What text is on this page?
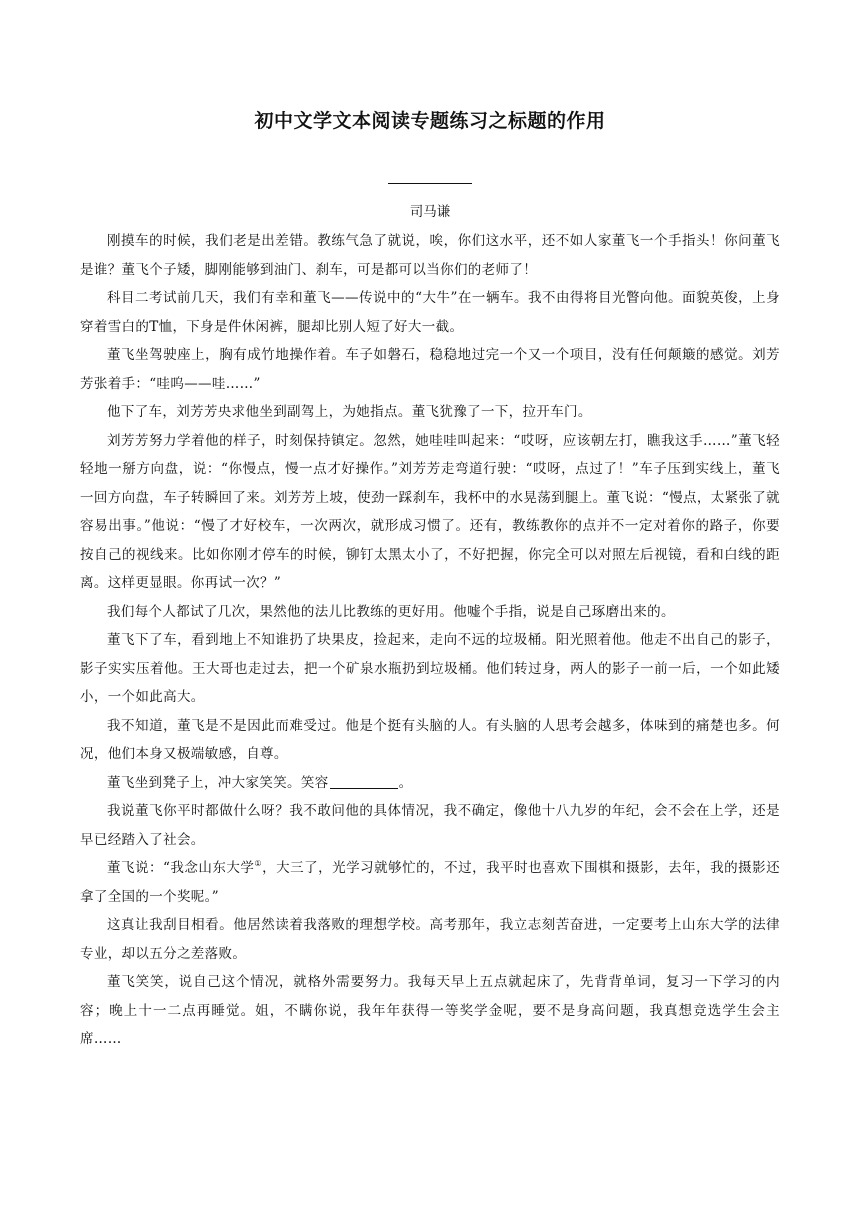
初中文学文本阅读专题练习之标题的作用
司马谦

刚摸车的时候，我们老是出差错。教练气急了就说，唉，你们这水平，还不如人家董飞一个手指头！你问董飞是谁？董飞个子矮，脚刚能够到油门、刹车，可是都可以当你们的老师了！

科目二考试前几天，我们有幸和董飞——传说中的“大牛”在一辆车。我不由得将目光瞥向他。面貌英俊，上身穿着雪白的T恤，下身是件休闲裤，腿却比别人短了好大一截。

董飞坐驾驶座上，胸有成竹地操作着。车子如磐石，稳稳地过完一个又一个项目，没有任何颠簸的感觉。刘芳芳张着手：“哇呜——哇……”

他下了车，刘芳芳央求他坐到副驾上，为她指点。董飞犹豫了一下，拉开车门。

刘芳芳努力学着他的样子，时刻保持镇定。忽然，她哇哇叫起来：“哎呀，应该朝左打，瞧我这手……”董飞轻轻地一掰方向盘，说：“你慢点，慢一点才好操作。”刘芳芳走弯道行驶：“哎呀，点过了！”车子压到实线上，董飞一回方向盘，车子转瞬回了来。刘芳芳上坡，使劲一踩刹车，我杯中的水晃荡到腿上。董飞说：“慢点，太紧张了就容易出事。”他说：“慢了才好校车，一次两次，就形成习惯了。还有，教练教你的点并不一定对着你的路子，你要按自己的视线来。比如你刚才停车的时候，铆钉太黑太小了，不好把握，你完全可以对照左后视镜，看和白线的距离。这样更显眼。你再试一次？”

我们每个人都试了几次，果然他的法儿比教练的更好用。他嘘个手指，说是自己琢磨出来的。

董飞下了车，看到地上不知谁扔了块果皮，捡起来，走向不远的垃圾桶。阳光照着他。他走不出自己的影子，影子实实压着他。王大哥也走过去，把一个矿泉水瓶扔到垃圾桶。他们转过身，两人的影子一前一后，一个如此矮小，一个如此高大。

我不知道，董飞是不是因此而难受过。他是个挺有头脑的人。有头脑的人思考会越多，体味到的痛楚也多。何况，他们本身又极端敏感，自尊。

董飞坐到凳子上，冲大家笑笑。笑容	。

我说董飞你平时都做什么呀？我不敢问他的具体情况，我不确定，像他十八九岁的年纪，会不会在上学，还是早已经踏入了社会。

董飞说：“我念山东大学①，大三了，光学习就够忙的，不过，我平时也喜欢下围棋和摄影，去年，我的摄影还拿了全国的一个奖呢。”

这真让我刮目相看。他居然读着我落败的理想学校。高考那年，我立志刻苦奋进，一定要考上山东大学的法律专业，却以五分之差落败。

董飞笑笑，说自己这个情况，就格外需要努力。我每天早上五点就起床了，先背背单词，复习一下学习的内容；晚上十一二点再睡觉。姐，不瞒你说，我年年获得一等奖学金呢，要不是身高问题，我真想竞选学生会主席……
